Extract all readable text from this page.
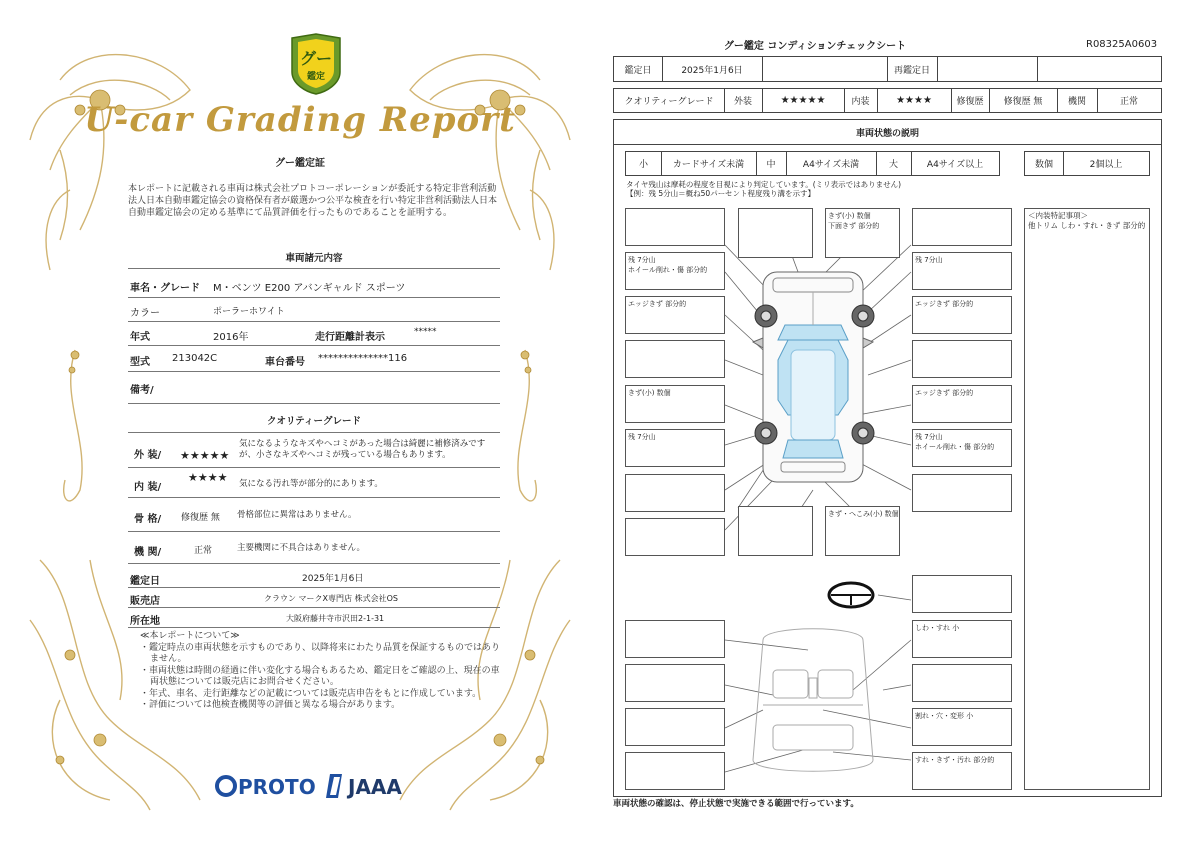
グー
鑑定
U-car Grading Report
グー鑑定証
本レポートに記載される車両は株式会社プロトコーポレーションが委託する特定非営利活動法人日本自動車鑑定協会の資格保有者が厳選かつ公平な検査を行い特定非営利活動法人日本自動車鑑定協会の定める基準にて品質評価を行ったものであることを証明する。
車両諸元内容
車名・グレード M・ベンツ E200 アバンギャルド スポーツ
カラー	ポーラーホワイト
年式	2016年	走行距離計表示	*****
型式 213042C	車台番号 **************116
備考/
クオリティーグレード
外 装/ ★★★★★
気になるようなキズやヘコミがあった場合は綺麗に補修済みですが、小さなキズやヘコミが残っている場合もあります。
内 装/
★★★★ 気になる汚れ等が部分的にあります。
骨 格/ 修復歴 無 骨格部位に異常はありません。
機 関/	正常	主要機関に不具合はありません。
鑑定日	2025年1月6日
販売店	クラウン マークX専門店 株式会社OS
所在地	大阪府藤井寺市沢田2-1-31
≪本レポートについて≫
・鑑定時点の車両状態を示すものであり、以降将来にわたり品質を保証するものではありません。
・車両状態は時間の経過に伴い変化する場合もあるため、鑑定日をご確認の上、現在の車両状態については販売店にお問合せください。
・年式、車名、走行距離などの記載については販売店申告をもとに作成しています。
・評価については他検査機関等の評価と異なる場合があります。
PROTO JAAA
グー鑑定 コンディションチェックシート	R08325A0603
鑑定日	2025年1月6日	再鑑定日
クオリティーグレード	外装	★★★★★	内装	★★★★	修復歴	修復歴 無	機関	正常
車両状態の説明
小	カードサイズ未満	中	A4サイズ未満	大	A4サイズ以上	数個	2個以上
タイヤ残山は摩耗の程度を目視により判定しています。(ミリ表示ではありません)
【例：残 5分山＝概ね50パーセント程度残り溝を示す】
残 7分山
ホイール削れ・傷 部分的
エッジきず 部分的
きず(小) 数個
残 7分山
きず(小) 数個
下面きず 部分的
きず・へこみ(小) 数個
残 7分山
エッジきず 部分的
エッジきず 部分的
残 7分山
ホイール削れ・傷 部分的
しわ・すれ 小
割れ・穴・変形 小
すれ・きず・汚れ 部分的
＜内装特記事項＞
他トリム しわ・すれ・きず 部分的
車両状態の確認は、停止状態で実施できる範囲で行っています。
